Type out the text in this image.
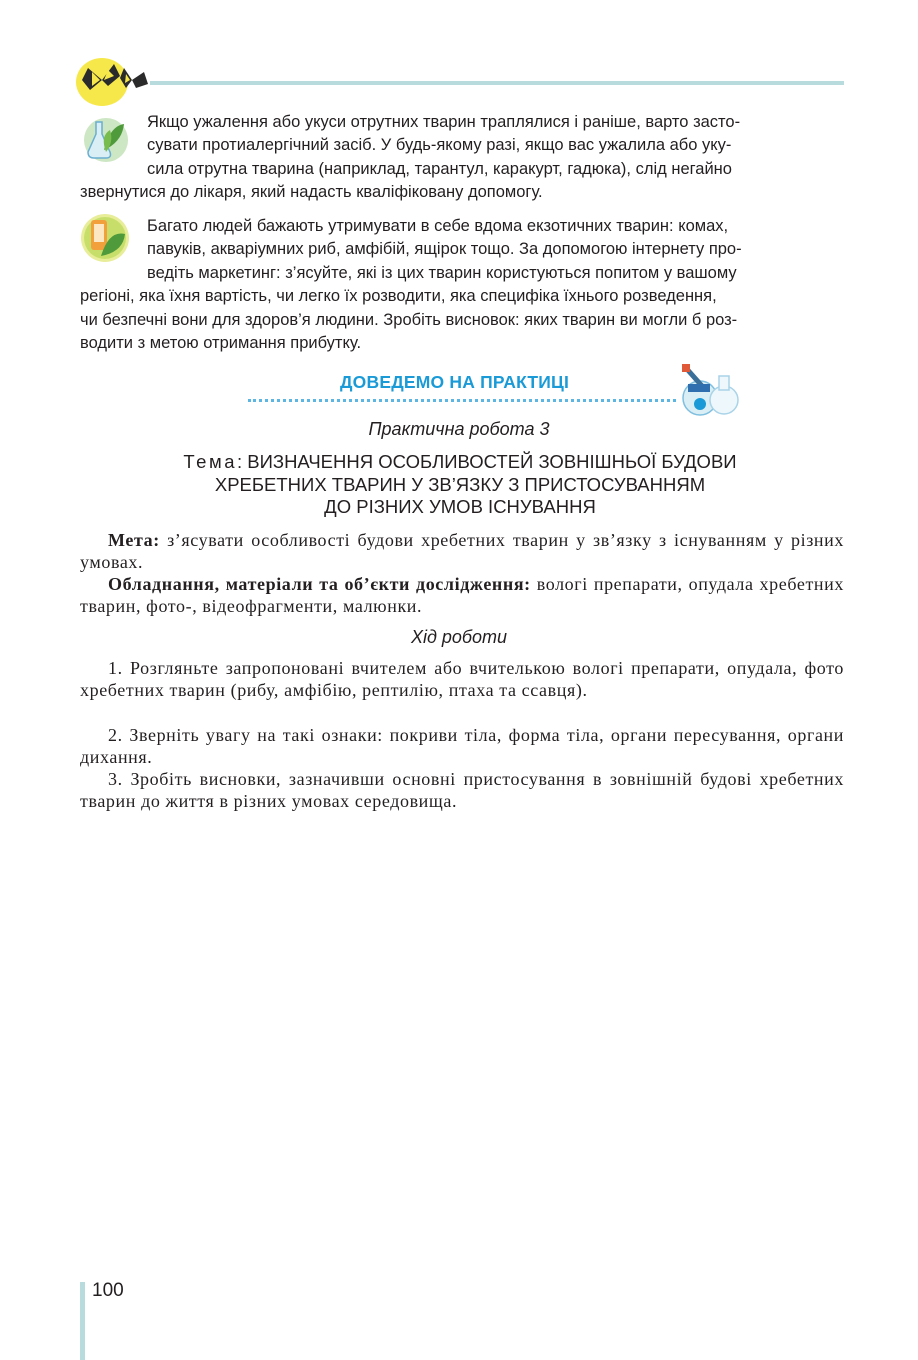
Якщо ужалення або укуси отрутних тварин траплялися і раніше, варто засто-
сувати протиалергічний засіб. У будь-якому разі, якщо вас ужалила або уку-
сила отрутна тварина (наприклад, тарантул, каракурт, гадюка), слід негайно
звернутися до лікаря, який надасть кваліфіковану допомогу.

Багато людей бажають утримувати в себе вдома екзотичних тварин: комах,
павуків, акваріумних риб, амфібій, ящірок тощо. За допомогою інтернету про-
ведіть маркетинг: з’ясуйте, які із цих тварин користуються попитом у вашому
регіоні, яка їхня вартість, чи легко їх розводити, яка специфіка їхнього розведення,
чи безпечні вони для здоров’я людини. Зробіть висновок: яких тварин ви могли б роз-
водити з метою отримання прибутку.

ДОВЕДЕМО НА ПРАКТИЦІ
Практична робота 3

Тема: ВИЗНАЧЕННЯ ОСОБЛИВОСТЕЙ ЗОВНІШНЬОЇ БУДОВИ
ХРЕБЕТНИХ ТВАРИН У ЗВ’ЯЗКУ З ПРИСТОСУВАННЯМ
ДО РІЗНИХ УМОВ ІСНУВАННЯ

Мета: з’ясувати особливості будови хребетних тварин у зв’язку з існуванням у різних умовах.

Обладнання, матеріали та об’єкти дослідження: вологі препарати, опудала хребетних тварин, фото-, відеофрагменти, малюнки.

Хід роботи

1. Розгляньте запропоновані вчителем або вчителькою вологі препарати, опудала, фото хребетних тварин (рибу, амфібію, рептилію, птаха та ссавця).

2. Зверніть увагу на такі ознаки: покриви тіла, форма тіла, органи пересування, органи дихання.

3. Зробіть висновки, зазначивши основні пристосування в зовнішній будові хребетних тварин до життя в різних умовах середовища.

100
